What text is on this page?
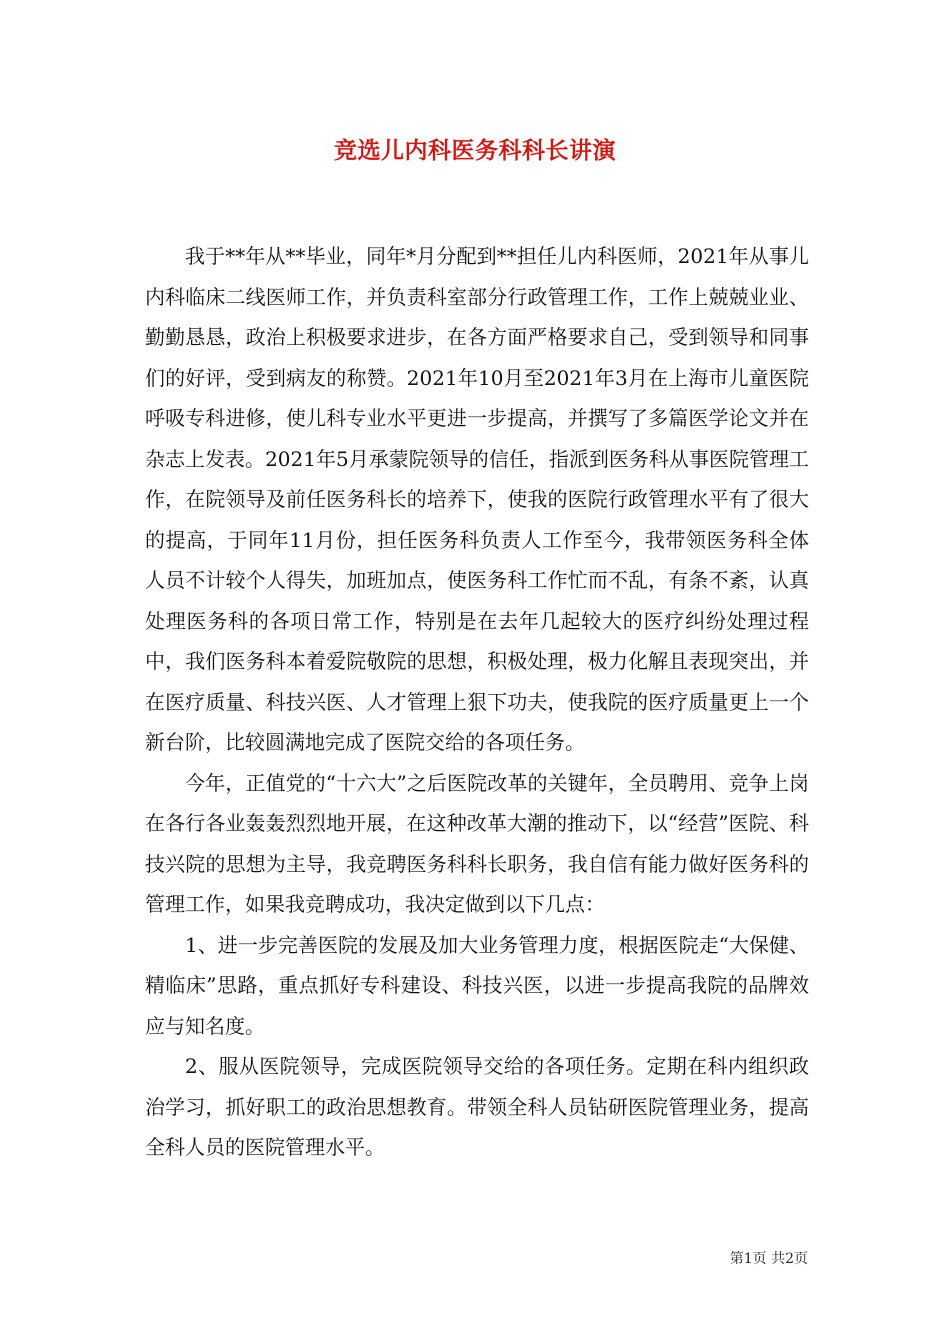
竞选儿内科医务科科长讲演

我于**年从**毕业，同年*月分配到**担任儿内科医师，2021年从事儿内科临床二线医师工作，并负责科室部分行政管理工作，工作上兢兢业业、勤勤恳恳，政治上积极要求进步，在各方面严格要求自己，受到领导和同事们的好评，受到病友的称赞。2021年10月至2021年3月在上海市儿童医院呼吸专科进修，使儿科专业水平更进一步提高，并撰写了多篇医学论文并在杂志上发表。2021年5月承蒙院领导的信任，指派到医务科从事医院管理工作，在院领导及前任医务科长的培养下，使我的医院行政管理水平有了很大的提高，于同年11月份，担任医务科负责人工作至今，我带领医务科全体人员不计较个人得失，加班加点，使医务科工作忙而不乱，有条不紊，认真处理医务科的各项日常工作，特别是在去年几起较大的医疗纠纷处理过程中，我们医务科本着爱院敬院的思想，积极处理，极力化解且表现突出，并在医疗质量、科技兴医、人才管理上狠下功夫，使我院的医疗质量更上一个新台阶，比较圆满地完成了医院交给的各项任务。

今年，正值党的“十六大”之后医院改革的关键年，全员聘用、竞争上岗在各行各业轰轰烈烈地开展，在这种改革大潮的推动下，以“经营”医院、科技兴院的思想为主导，我竞聘医务科科长职务，我自信有能力做好医务科的管理工作，如果我竞聘成功，我决定做到以下几点：

1、进一步完善医院的发展及加大业务管理力度，根据医院走“大保健、精临床”思路，重点抓好专科建设、科技兴医，以进一步提高我院的品牌效应与知名度。

2、服从医院领导，完成医院领导交给的各项任务。定期在科内组织政治学习，抓好职工的政治思想教育。带领全科人员钻研医院管理业务，提高全科人员的医院管理水平。

第1页 共2页
